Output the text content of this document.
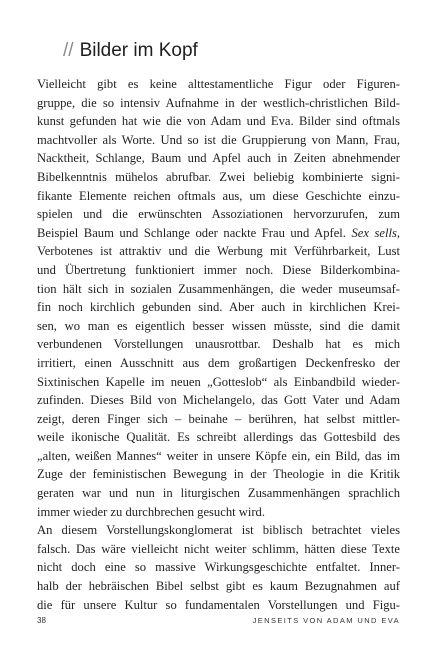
// Bilder im Kopf
Vielleicht gibt es keine alttestamentliche Figur oder Figuren-
gruppe, die so intensiv Aufnahme in der westlich-christlichen Bild-
kunst gefunden hat wie die von Adam und Eva. Bilder sind oftmals
machtvoller als Worte. Und so ist die Gruppierung von Mann, Frau,
Nacktheit, Schlange, Baum und Apfel auch in Zeiten abnehmender
Bibelkenntnis mühelos abrufbar. Zwei beliebig kombinierte signi-
fikante Elemente reichen oftmals aus, um diese Geschichte einzu-
spielen und die erwünschten Assoziationen hervorzurufen, zum
Beispiel Baum und Schlange oder nackte Frau und Apfel. Sex sells,
Verbotenes ist attraktiv und die Werbung mit Verführbarkeit, Lust
und Übertretung funktioniert immer noch. Diese Bilderkombina-
tion hält sich in sozialen Zusammenhängen, die weder museumsaf-
fin noch kirchlich gebunden sind. Aber auch in kirchlichen Krei-
sen, wo man es eigentlich besser wissen müsste, sind die damit
verbundenen Vorstellungen unausrottbar. Deshalb hat es mich
irritiert, einen Ausschnitt aus dem großartigen Deckenfresko der
Sixtinischen Kapelle im neuen „Gotteslob“ als Einbandbild wieder-
zufinden. Dieses Bild von Michelangelo, das Gott Vater und Adam
zeigt, deren Finger sich – beinahe – berühren, hat selbst mittler-
weile ikonische Qualität. Es schreibt allerdings das Gottesbild des
„alten, weißen Mannes“ weiter in unsere Köpfe ein, ein Bild, das im
Zuge der feministischen Bewegung in der Theologie in die Kritik
geraten war und nun in liturgischen Zusammenhängen sprachlich
immer wieder zu durchbrechen gesucht wird.
An diesem Vorstellungskonglomerat ist biblisch betrachtet vieles
falsch. Das wäre vielleicht nicht weiter schlimm, hätten diese Texte
nicht doch eine so massive Wirkungsgeschichte entfaltet. Inner-
halb der hebräischen Bibel selbst gibt es kaum Bezugnahmen auf
die für unsere Kultur so fundamentalen Vorstellungen und Figu-
38	JENSEITS VON ADAM UND EVA
